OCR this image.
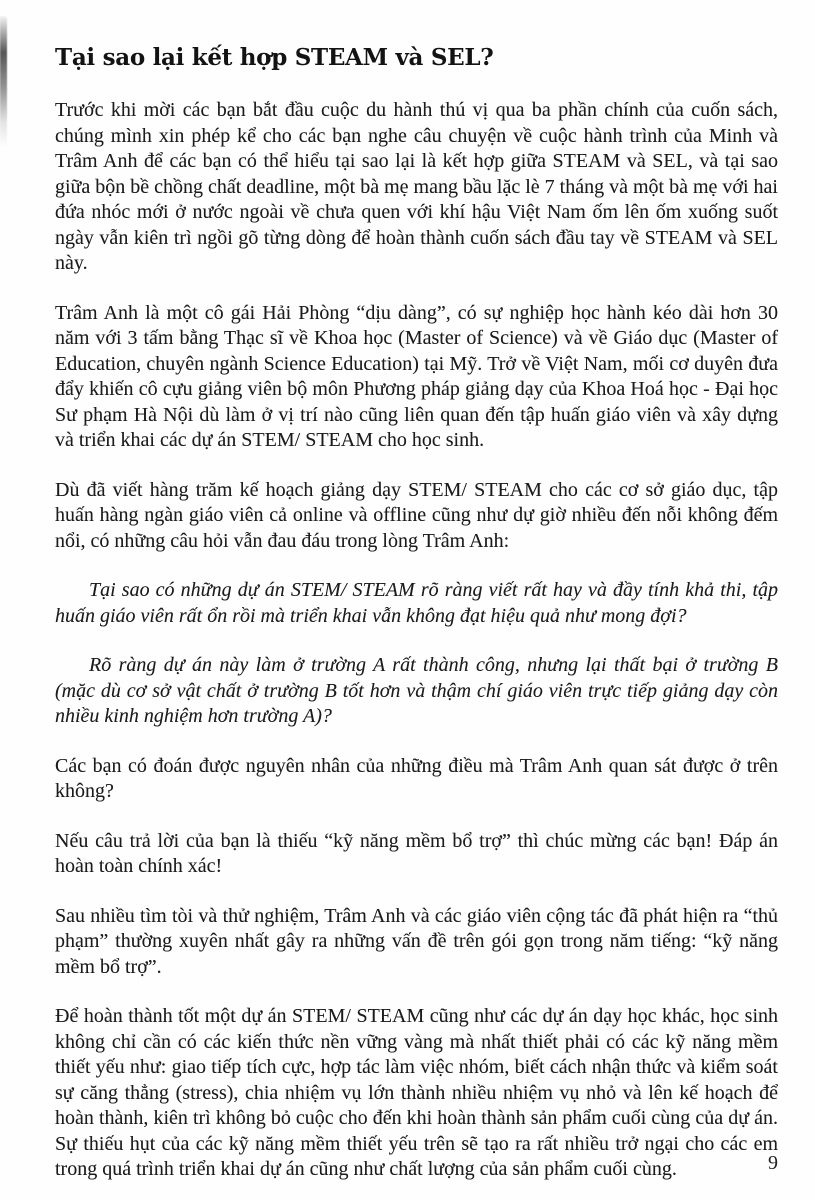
Tại sao lại kết hợp STEAM và SEL?

Trước khi mời các bạn bắt đầu cuộc du hành thú vị qua ba phần chính của cuốn sách, chúng mình xin phép kể cho các bạn nghe câu chuyện về cuộc hành trình của Minh và Trâm Anh để các bạn có thể hiểu tại sao lại là kết hợp giữa STEAM và SEL, và tại sao giữa bộn bề chồng chất deadline, một bà mẹ mang bầu lặc lè 7 tháng và một bà mẹ với hai đứa nhóc mới ở nước ngoài về chưa quen với khí hậu Việt Nam ốm lên ốm xuống suốt ngày vẫn kiên trì ngồi gõ từng dòng để hoàn thành cuốn sách đầu tay về STEAM và SEL này.

Trâm Anh là một cô gái Hải Phòng “dịu dàng”, có sự nghiệp học hành kéo dài hơn 30 năm với 3 tấm bằng Thạc sĩ về Khoa học (Master of Science) và về Giáo dục (Master of Education, chuyên ngành Science Education) tại Mỹ. Trở về Việt Nam, mối cơ duyên đưa đẩy khiến cô cựu giảng viên bộ môn Phương pháp giảng dạy của Khoa Hoá học - Đại học Sư phạm Hà Nội dù làm ở vị trí nào cũng liên quan đến tập huấn giáo viên và xây dựng và triển khai các dự án STEM/ STEAM cho học sinh.

Dù đã viết hàng trăm kế hoạch giảng dạy STEM/ STEAM cho các cơ sở giáo dục, tập huấn hàng ngàn giáo viên cả online và offline cũng như dự giờ nhiều đến nỗi không đếm nổi, có những câu hỏi vẫn đau đáu trong lòng Trâm Anh:

Tại sao có những dự án STEM/ STEAM rõ ràng viết rất hay và đầy tính khả thi, tập huấn giáo viên rất ổn rồi mà triển khai vẫn không đạt hiệu quả như mong đợi?

Rõ ràng dự án này làm ở trường A rất thành công, nhưng lại thất bại ở trường B (mặc dù cơ sở vật chất ở trường B tốt hơn và thậm chí giáo viên trực tiếp giảng dạy còn nhiều kinh nghiệm hơn trường A)?

Các bạn có đoán được nguyên nhân của những điều mà Trâm Anh quan sát được ở trên không?

Nếu câu trả lời của bạn là thiếu “kỹ năng mềm bổ trợ” thì chúc mừng các bạn! Đáp án hoàn toàn chính xác!

Sau nhiều tìm tòi và thử nghiệm, Trâm Anh và các giáo viên cộng tác đã phát hiện ra “thủ phạm” thường xuyên nhất gây ra những vấn đề trên gói gọn trong năm tiếng: “kỹ năng mềm bổ trợ”.

Để hoàn thành tốt một dự án STEM/ STEAM cũng như các dự án dạy học khác, học sinh không chỉ cần có các kiến thức nền vững vàng mà nhất thiết phải có các kỹ năng mềm thiết yếu như: giao tiếp tích cực, hợp tác làm việc nhóm, biết cách nhận thức và kiểm soát sự căng thẳng (stress), chia nhiệm vụ lớn thành nhiều nhiệm vụ nhỏ và lên kế hoạch để hoàn thành, kiên trì không bỏ cuộc cho đến khi hoàn thành sản phẩm cuối cùng của dự án. Sự thiếu hụt của các kỹ năng mềm thiết yếu trên sẽ tạo ra rất nhiều trở ngại cho các em trong quá trình triển khai dự án cũng như chất lượng của sản phẩm cuối cùng.	9
